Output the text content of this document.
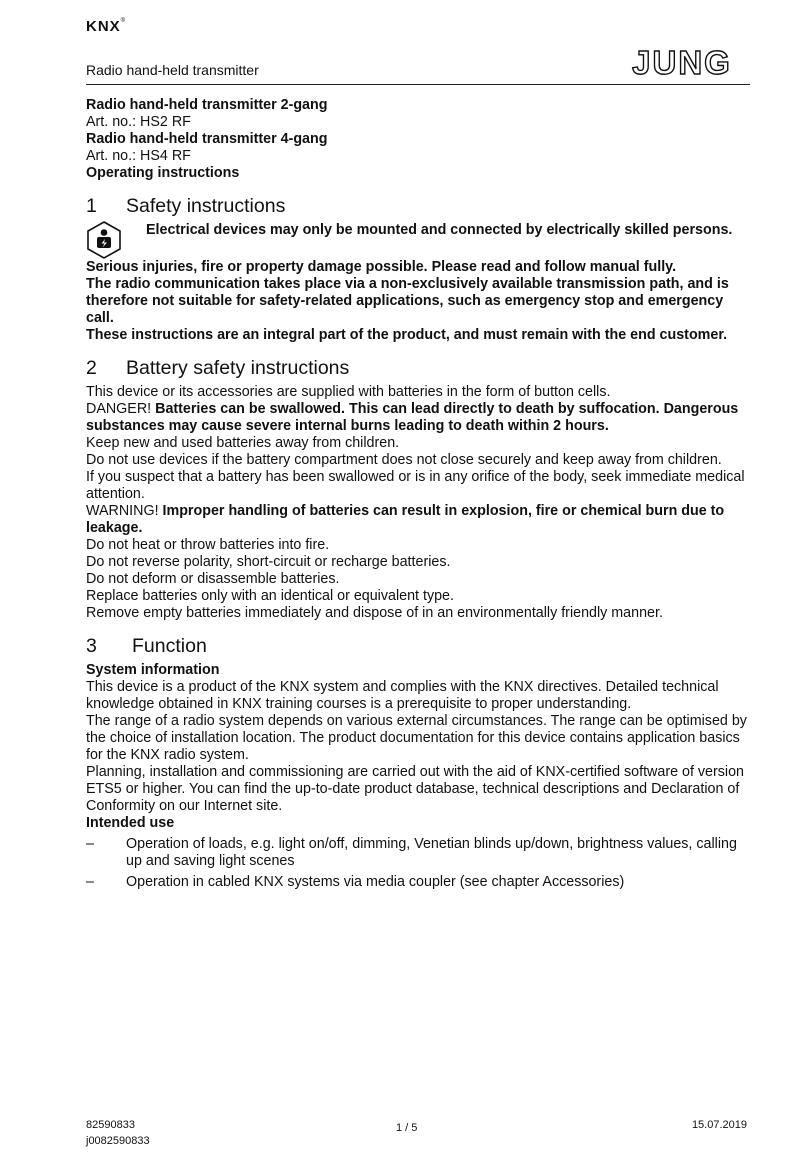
KNX®
Radio hand-held transmitter	JUNG

Radio hand-held transmitter 2-gang

Art. no.: HS2 RF

Radio hand-held transmitter 4-gang

Art. no.: HS4 RF

Operating instructions

1	Safety instructions

Electrical devices may only be mounted and connected by electrically skilled persons.

Serious injuries, fire or property damage possible. Please read and follow manual fully.

The radio communication takes place via a non-exclusively available transmission path, and is therefore not suitable for safety-related applications, such as emergency stop and emergency call.

These instructions are an integral part of the product, and must remain with the end customer.

2	Battery safety instructions

This device or its accessories are supplied with batteries in the form of button cells.

DANGER! Batteries can be swallowed. This can lead directly to death by suffocation. Dangerous substances may cause severe internal burns leading to death within 2 hours.

Keep new and used batteries away from children.

Do not use devices if the battery compartment does not close securely and keep away from children.

If you suspect that a battery has been swallowed or is in any orifice of the body, seek immediate medical attention.

WARNING! Improper handling of batteries can result in explosion, fire or chemical burn due to leakage.

Do not heat or throw batteries into fire.

Do not reverse polarity, short-circuit or recharge batteries.

Do not deform or disassemble batteries.

Replace batteries only with an identical or equivalent type.

Remove empty batteries immediately and dispose of in an environmentally friendly manner.

3	Function

System information

This device is a product of the KNX system and complies with the KNX directives. Detailed technical knowledge obtained in KNX training courses is a prerequisite to proper understanding.

The range of a radio system depends on various external circumstances. The range can be optimised by the choice of installation location. The product documentation for this device contains application basics for the KNX radio system.

Planning, installation and commissioning are carried out with the aid of KNX-certified software of version ETS5 or higher. You can find the up-to-date product database, technical descriptions and Declaration of Conformity on our Internet site.

Intended use

–	Operation of loads, e.g. light on/off, dimming, Venetian blinds up/down, brightness values, calling up and saving light scenes
–	Operation in cabled KNX systems via media coupler (see chapter Accessories)
82590833
j0082590833
1 / 5	15.07.2019
